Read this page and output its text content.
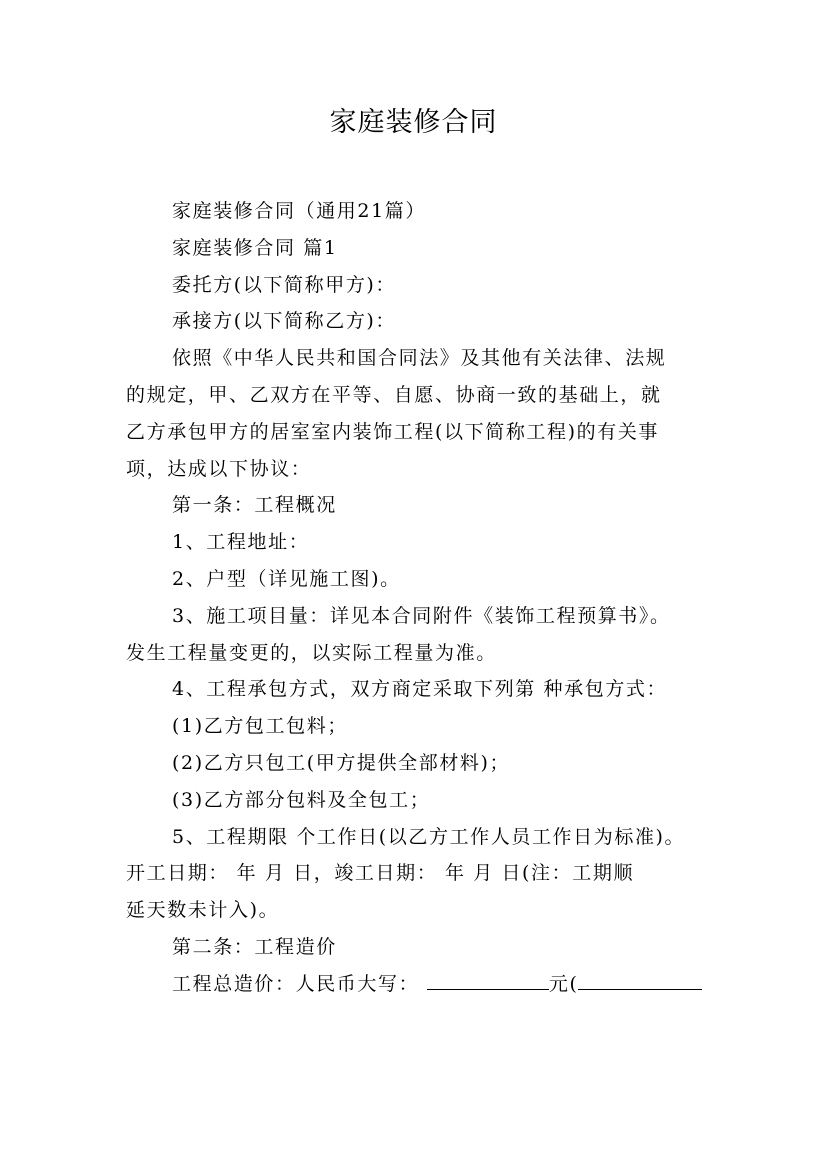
家庭装修合同
家庭装修合同（通用21篇）
家庭装修合同 篇1
委托方(以下简称甲方)：
承接方(以下简称乙方)：
依照《中华人民共和国合同法》及其他有关法律、法规
的规定，甲、乙双方在平等、自愿、协商一致的基础上，就
乙方承包甲方的居室室内装饰工程(以下简称工程)的有关事
项，达成以下协议：
第一条：工程概况
1、工程地址：
2、户型（详见施工图)。
3、施工项目量：详见本合同附件《装饰工程预算书》。
发生工程量变更的，以实际工程量为准。
4、工程承包方式，双方商定采取下列第 种承包方式：
(1)乙方包工包料；
(2)乙方只包工(甲方提供全部材料)；
(3)乙方部分包料及全包工；
5、工程期限 个工作日(以乙方工作人员工作日为标准)。
开工日期： 年 月 日，竣工日期： 年 月 日(注：工期顺
延天数未计入)。
第二条：工程造价
工程总造价：人民币大写：	元(
